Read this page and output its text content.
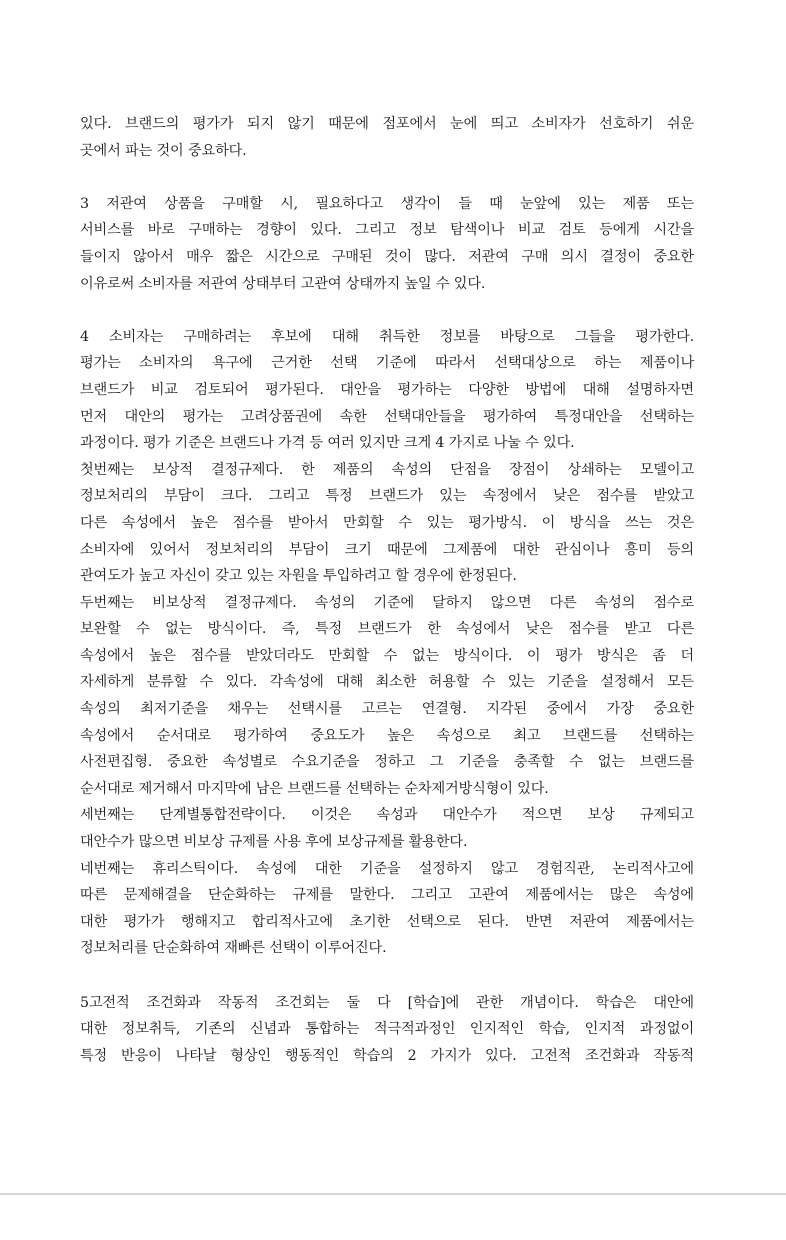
있다. 브랜드의 평가가 되지 않기 때문에 점포에서 눈에 띄고 소비자가 선호하기 쉬운
곳에서 파는 것이 중요하다.
3 저관여 상품을 구매할 시, 필요하다고 생각이 들 때 눈앞에 있는 제품 또는
서비스를 바로 구매하는 경향이 있다. 그리고 정보 탐색이나 비교 검토 등에게 시간을
들이지 않아서 매우 짧은 시간으로 구매된 것이 많다. 저관여 구매 의시 결정이 중요한
이유로써 소비자를 저관여 상태부터 고관여 상태까지 높일 수 있다.
4 소비자는 구매하려는 후보에 대해 취득한 정보를 바탕으로 그들을 평가한다.
평가는 소비자의 욕구에 근거한 선택 기준에 따라서 선택대상으로 하는 제품이나
브랜드가 비교 검토되어 평가된다. 대안을 평가하는 다양한 방법에 대해 설명하자면
먼저 대안의 평가는 고려상품권에 속한 선택대안들을 평가하여 특정대안을 선택하는
과정이다. 평가 기준은 브랜드나 가격 등 여러 있지만 크게 4 가지로 나눌 수 있다.
첫번째는 보상적 결정규제다. 한 제품의 속성의 단점을 장점이 상쇄하는 모델이고
정보처리의 부담이 크다. 그리고 특정 브랜드가 있는 속정에서 낮은 점수를 받았고
다른 속성에서 높은 점수를 받아서 만회할 수 있는 평가방식. 이 방식을 쓰는 것은
소비자에 있어서 정보처리의 부담이 크기 때문에 그제품에 대한 관심이나 흥미 등의
관여도가 높고 자신이 갖고 있는 자원을 투입하려고 할 경우에 한정된다.
두번째는 비보상적 결정규제다. 속성의 기준에 달하지 않으면 다른 속성의 점수로
보완할 수 없는 방식이다. 즉, 특정 브랜드가 한 속성에서 낮은 점수를 받고 다른
속성에서 높은 점수를 받았더라도 만회할 수 없는 방식이다. 이 평가 방식은 좀 더
자세하게 분류할 수 있다. 각속성에 대해 최소한 허용할 수 있는 기준을 설정해서 모든
속성의 최저기준을 채우는 선택시를 고르는 연결형. 지각된 중에서 가장 중요한
속성에서 순서대로 평가하여 중요도가 높은 속성으로 최고 브랜드를 선택하는
사전편집형. 중요한 속성별로 수요기준을 정하고 그 기준을 충족할 수 없는 브랜드를
순서대로 제거해서 마지막에 남은 브랜드를 선택하는 순차제거방식형이 있다.
세번째는 단계별통합전략이다. 이것은 속성과 대안수가 적으면 보상 규제되고
대안수가 많으면 비보상 규제를 사용 후에 보상규제를 활용한다.
네번째는 휴리스틱이다. 속성에 대한 기준을 설정하지 않고 경험직관, 논리적사고에
따른 문제해결을 단순화하는 규제를 말한다. 그리고 고관여 제품에서는 많은 속성에
대한 평가가 행해지고 합리적사고에 초기한 선택으로 된다. 반면 저관여 제품에서는
정보처리를 단순화하여 재빠른 선택이 이루어진다.
5고전적 조건화과 작동적 조건회는 둘 다 [학습]에 관한 개념이다. 학습은 대안에
대한 정보취득, 기존의 신념과 통합하는 적극적과정인 인지적인 학습, 인지적 과정없이
특정 반응이 나타날 형상인 행동적인 학습의 2 가지가 있다. 고전적 조건화과 작동적
